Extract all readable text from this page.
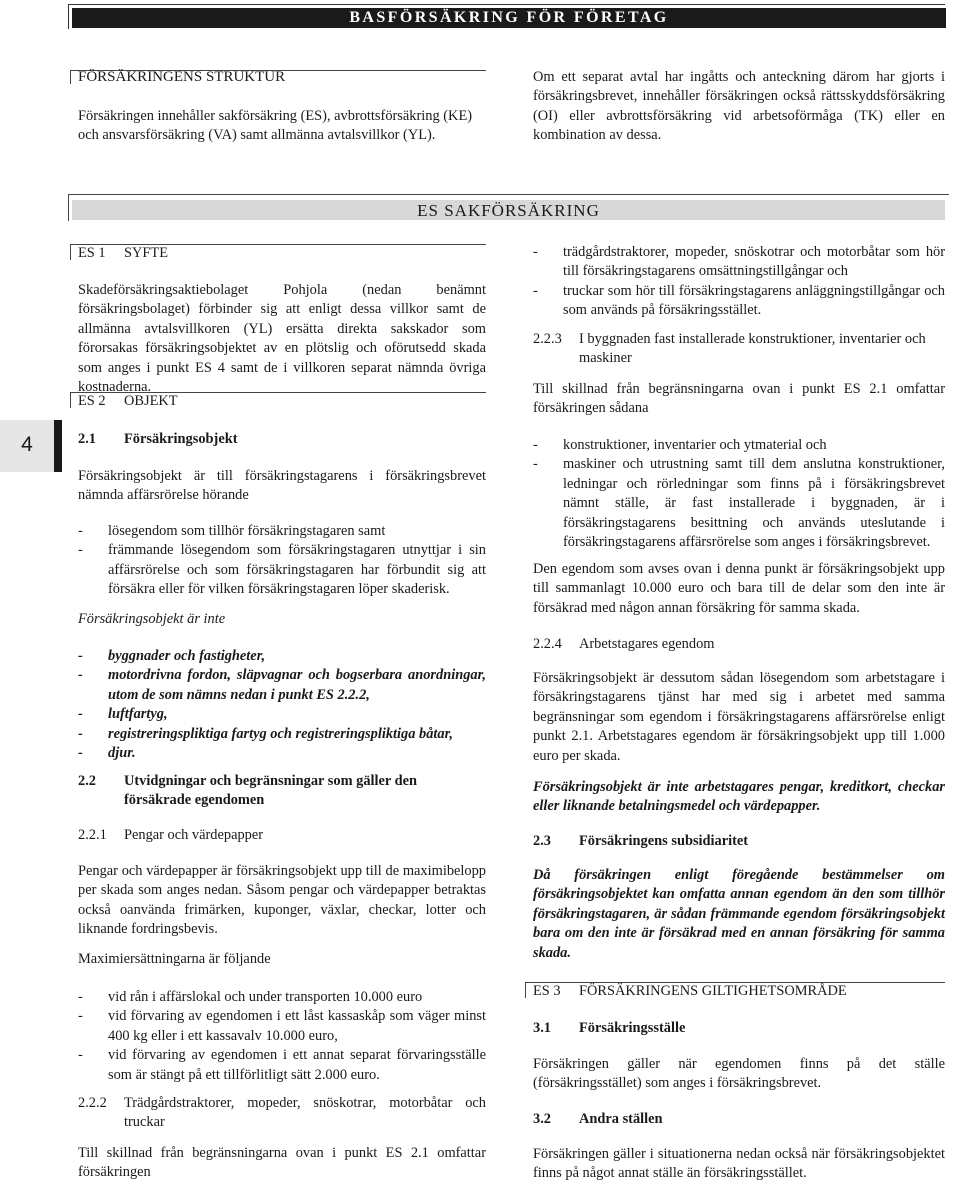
BASFÖRSÄKRING FÖR FÖRETAG
FÖRSÄKRINGENS STRUKTUR

Försäkringen innehåller sakförsäkring (ES), avbrottsförsäkring (KE) och ansvarsförsäkring (VA) samt allmänna avtalsvillkor (YL).

Om ett separat avtal har ingåtts och anteckning därom har gjorts i försäkringsbrevet, innehåller försäkringen också rättsskyddsförsäkring (OI) eller avbrottsförsäkring vid arbetsoförmåga (TK) eller en kombination av dessa.

ES SAKFÖRSÄKRING
4
ES 1 SYFTE

Skadeförsäkringsaktiebolaget Pohjola (nedan benämnt försäkringsbolaget) förbinder sig att enligt dessa villkor samt de allmänna avtalsvillkoren (YL) ersätta direkta sakskador som förorsakas försäkringsobjektet av en plötslig och oförutsedd skada som anges i punkt ES 4 samt de i villkoren separat nämnda övriga kostnaderna.

ES 2 OBJEKT
2.1 Försäkringsobjekt

Försäkringsobjekt är till försäkringstagarens i försäkringsbrevet nämnda affärsrörelse hörande

- lösegendom som tillhör försäkringstagaren samt

- främmande lösegendom som försäkringstagaren utnyttjar i sin affärsrörelse och som försäkringstagaren har förbundit sig att försäkra eller för vilken försäkringstagaren löper skaderisk.

Försäkringsobjekt är inte

- byggnader och fastigheter,

- motordrivna fordon, släpvagnar och bogserbara anordningar, utom de som nämns nedan i punkt ES 2.2.2,

- luftfartyg,

- registreringspliktiga fartyg och registreringspliktiga båtar,

- djur.

2.2	Utvidgningar och begränsningar som gäller den försäkrade egendomen
2.2.1 Pengar och värdepapper

Pengar och värdepapper är försäkringsobjekt upp till de maximibelopp per skada som anges nedan. Såsom pengar och värdepapper betraktas också oanvända frimärken, kuponger, växlar, checkar, lotter och liknande fordringsbevis.

Maximiersättningarna är följande

- vid rån i affärslokal och under transporten 10.000 euro

- vid förvaring av egendomen i ett låst kassaskåp som väger minst 400 kg eller i ett kassavalv 10.000 euro,

- vid förvaring av egendomen i ett annat separat förvaringsställe som är stängt på ett tillförlitligt sätt 2.000 euro.

2.2.2	Trädgårdstraktorer, mopeder, snöskotrar, motorbåtar och truckar

Till skillnad från begränsningarna ovan i punkt ES 2.1 omfattar försäkringen

- trädgårdstraktorer, mopeder, snöskotrar och motorbåtar som hör till försäkringstagarens omsättningstillgångar och

- truckar som hör till försäkringstagarens anläggningstillgångar och som används på försäkringsstället.

2.2.3	I byggnaden fast installerade konstruktioner, inventarier och maskiner

Till skillnad från begränsningarna ovan i punkt ES 2.1 omfattar försäkringen sådana

- konstruktioner, inventarier och ytmaterial och

- maskiner och utrustning samt till dem anslutna konstruktioner, ledningar och rörledningar som finns på i försäkringsbrevet nämnt ställe, är fast installerade i byggnaden, är i försäkringstagarens besittning och används uteslutande i försäkringstagarens affärsrörelse som anges i försäkringsbrevet.

Den egendom som avses ovan i denna punkt är försäkringsobjekt upp till sammanlagt 10.000 euro och bara till de delar som den inte är försäkrad med någon annan försäkring för samma skada.

2.2.4 Arbetstagares egendom

Försäkringsobjekt är dessutom sådan lösegendom som arbetstagare i försäkringstagarens tjänst har med sig i arbetet med samma begränsningar som egendom i försäkringstagarens affärsrörelse enligt punkt 2.1. Arbetstagares egendom är försäkringsobjekt upp till 1.000 euro per skada.

Försäkringsobjekt är inte arbetstagares pengar, kreditkort, checkar eller liknande betalningsmedel och värdepapper.

2.3 Försäkringens subsidiaritet

Då försäkringen enligt föregående bestämmelser om försäkringsobjektet kan omfatta annan egendom än den som tillhör försäkringstagaren, är sådan främmande egendom försäkringsobjekt bara om den inte är försäkrad med en annan försäkring för samma skada.

ES 3 FÖRSÄKRINGENS GILTIGHETSOMRÅDE
3.1 Försäkringsställe

Försäkringen gäller när egendomen finns på det ställe (försäkringsstället) som anges i försäkringsbrevet.

3.2 Andra ställen

Försäkringen gäller i situationerna nedan också när försäkringsobjektet finns på något annat ställe än försäkringsstället.
